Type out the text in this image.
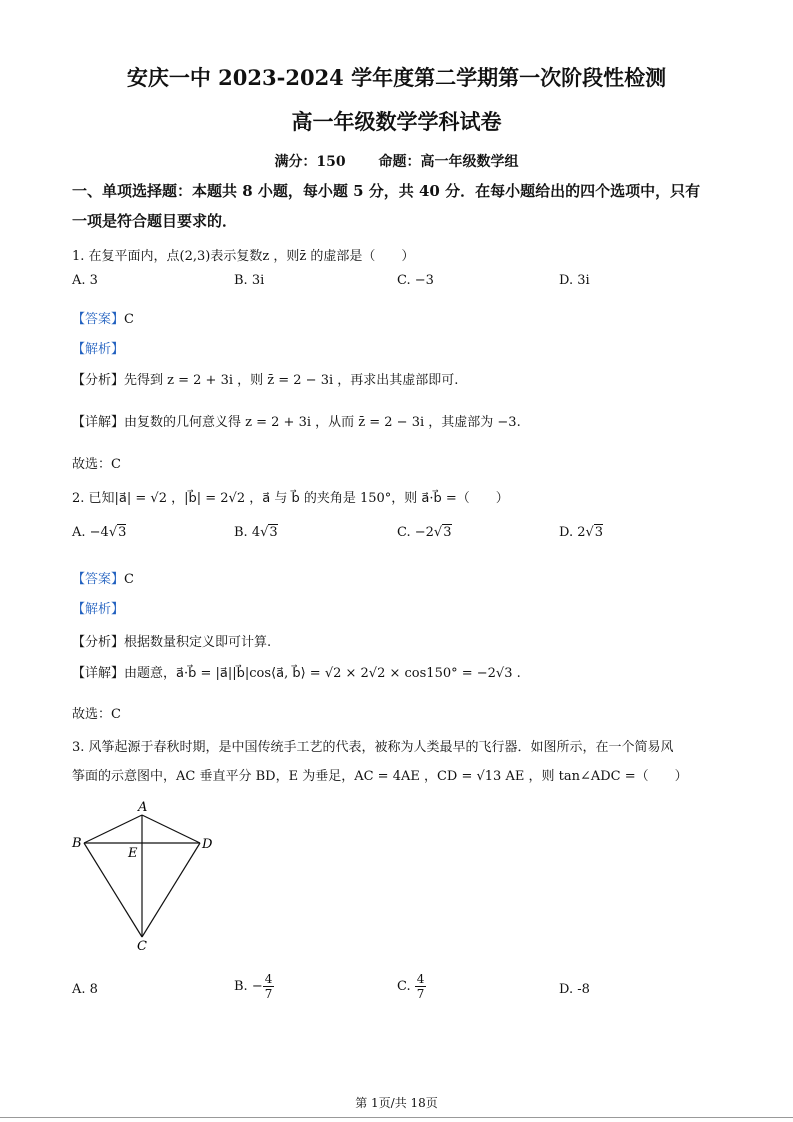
安庆一中 2023-2024 学年度第二学期第一次阶段性检测
高一年级数学学科试卷
满分：150 命题：高一年级数学组
一、单项选择题：本题共 8 小题，每小题 5 分，共 40 分．在每小题给出的四个选项中，只有
一项是符合题目要求的．
1. 在复平面内，点(2,3)表示复数z ，则z̄ 的虚部是（　　）
A. 3	B. 3i	C. −3	D. 3i
【答案】C
【解析】
【分析】先得到 z = 2 + 3i ，则 z̄ = 2 − 3i ，再求出其虚部即可.
【详解】由复数的几何意义得 z = 2 + 3i ，从而 z̄ = 2 − 3i ，其虚部为 −3.
故选：C
2. 已知|a⃗| = √2 ，|b⃗| = 2√2 ，a⃗ 与 b⃗ 的夹角是 150°，则 a⃗·b⃗ =（　　）
A. −4√3	B. 4√3	C. −2√3	D. 2√3
【答案】C
【解析】
【分析】根据数量积定义即可计算.
【详解】由题意，a⃗·b⃗ = |a⃗||b⃗|cos⟨a⃗, b⃗⟩ = √2 × 2√2 × cos150° = −2√3 .
故选：C
3. 风筝起源于春秋时期，是中国传统手工艺的代表，被称为人类最早的飞行器．如图所示，在一个简易风
筝面的示意图中，AC 垂直平分 BD，E 为垂足，AC = 4AE ，CD = √13 AE ，则 tan∠ADC =（　　）
A
B	D
E
C
A. 8	B. − $\frac{4}{7}$	C. $\frac{4}{7}$	D. -8
第 1页/共 18页
